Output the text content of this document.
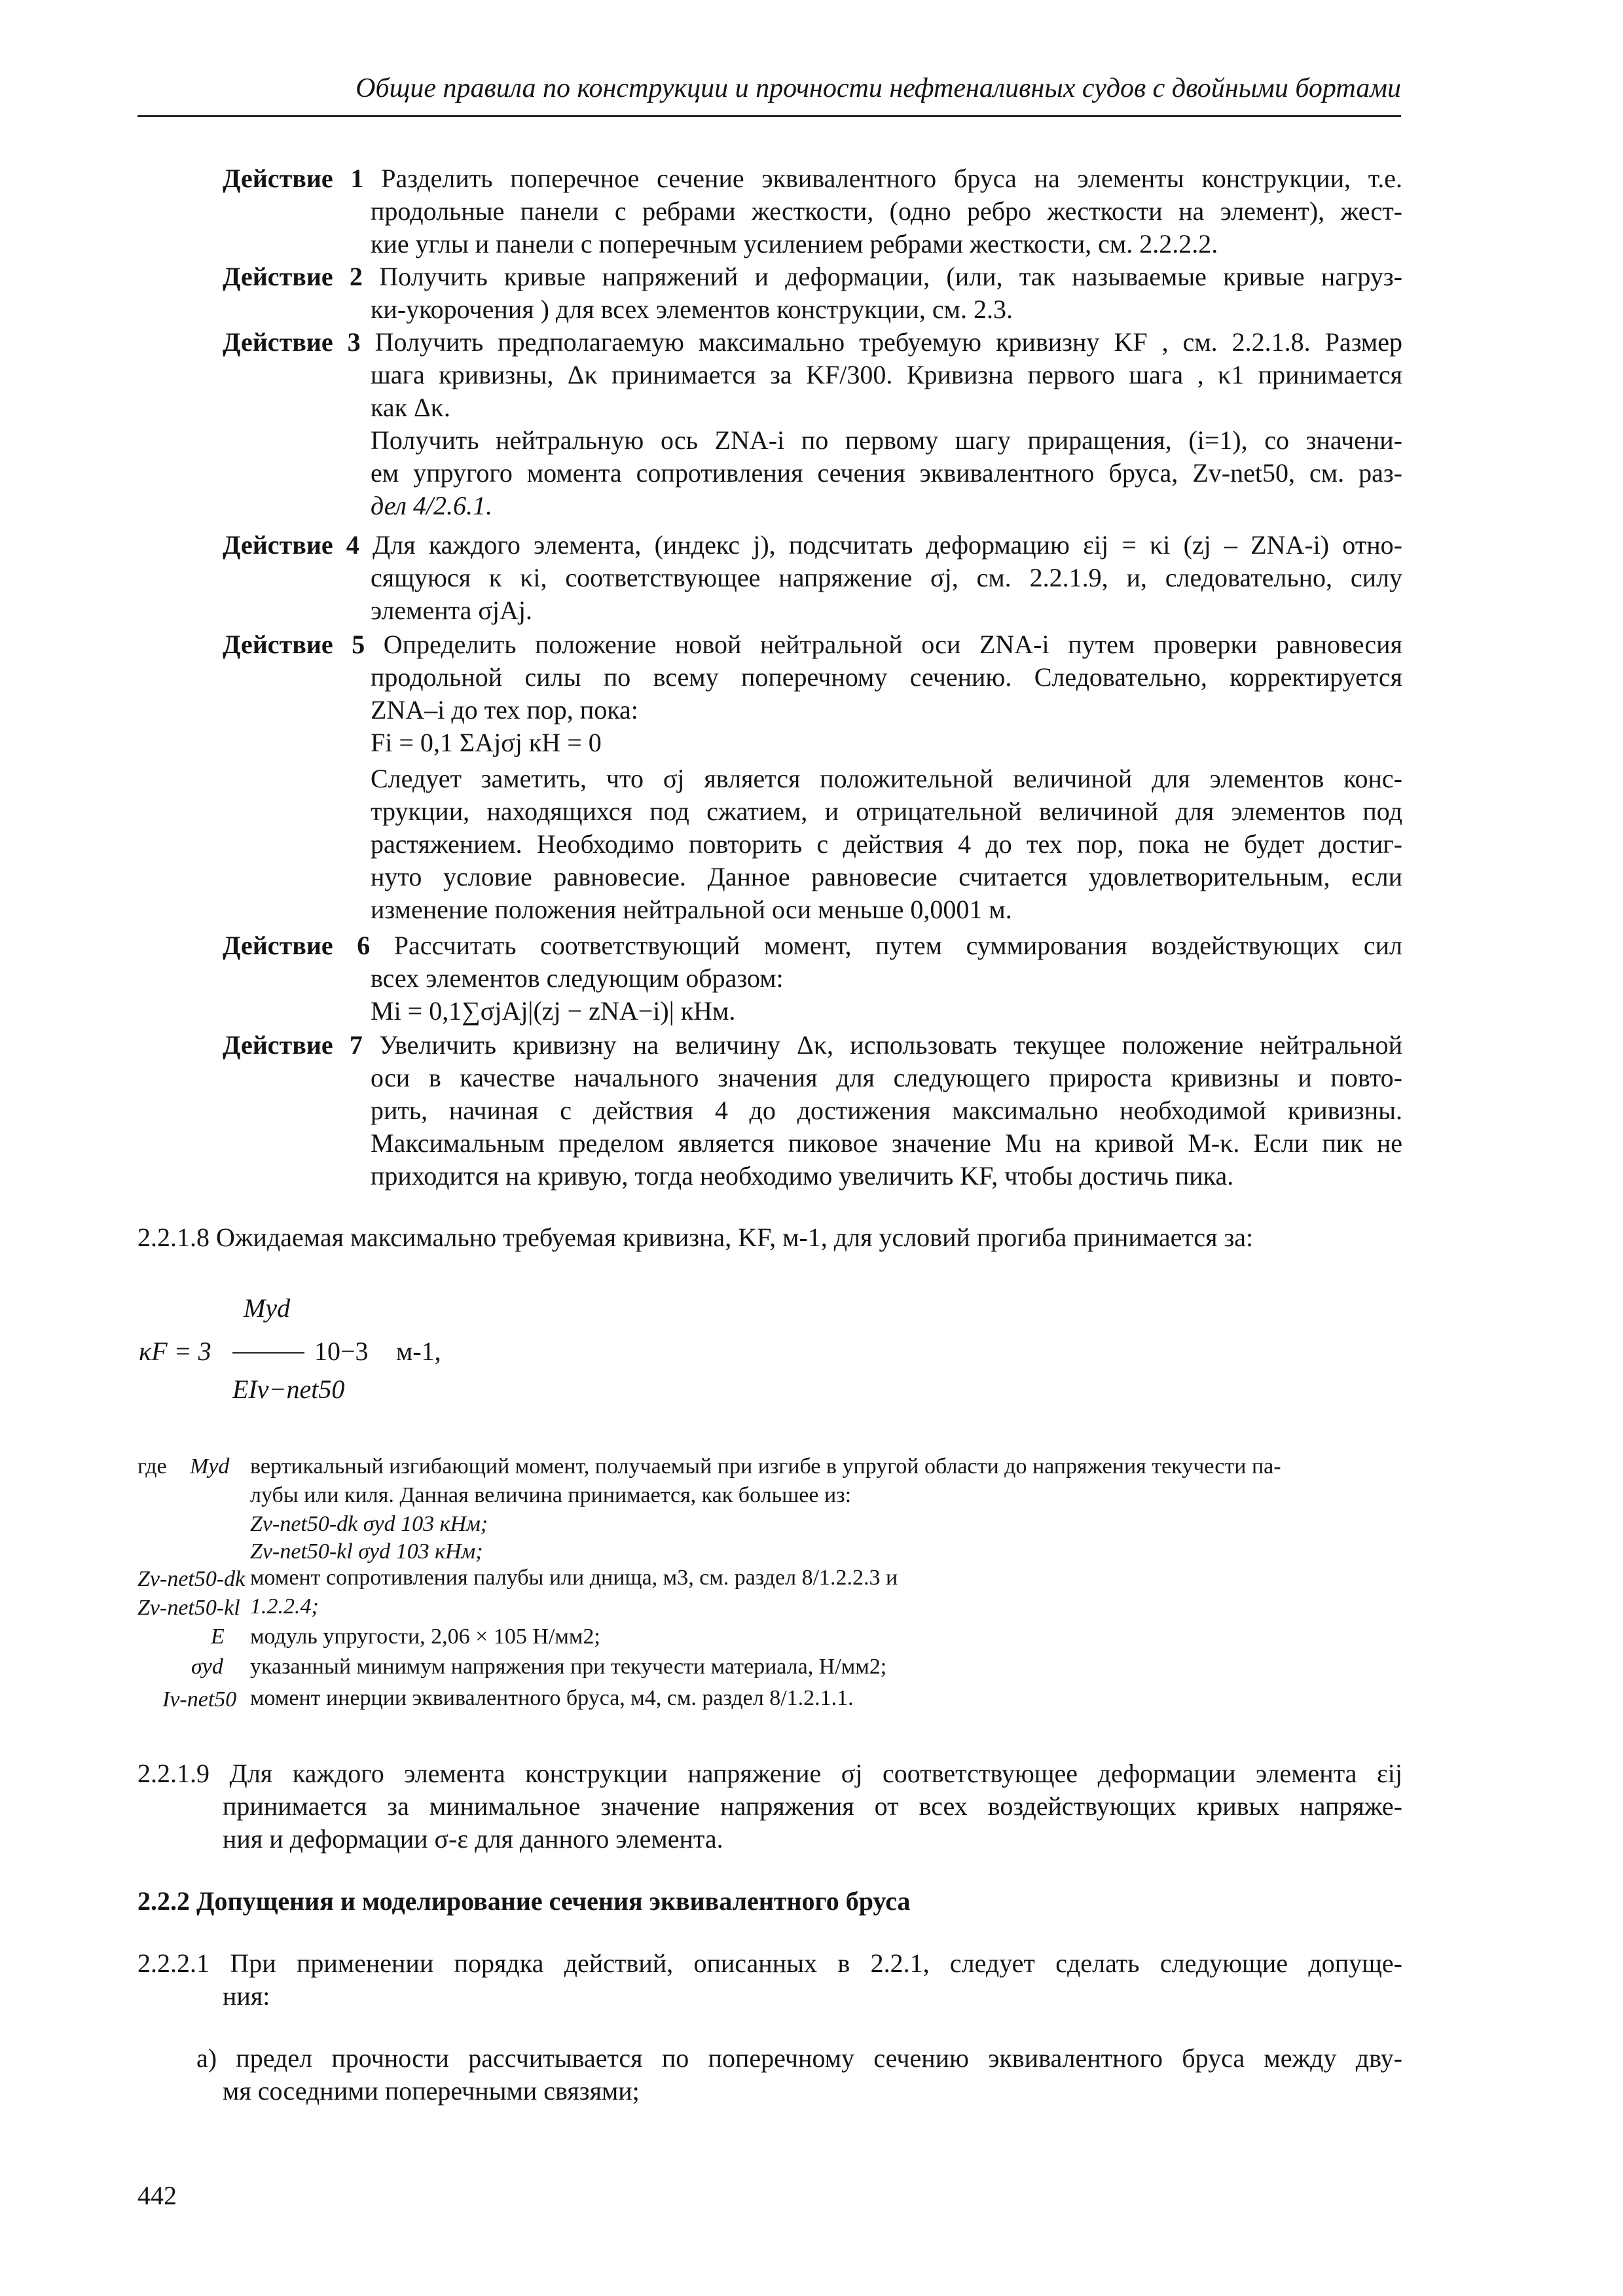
Общие правила по конструкции и прочности нефтеналивных судов с двойными бортами
Действие 1 Разделить поперечное сечение эквивалентного бруса на элементы конструкции, т.е.
продольные панели с ребрами жесткости, (одно ребро жесткости на элемент), жест-
кие углы и панели с поперечным усилением ребрами жесткости, см. 2.2.2.2.
Действие 2 Получить кривые напряжений и деформации, (или, так называемые кривые нагруз-
ки-укорочения ) для всех элементов конструкции, см. 2.3.
Действие 3 Получить предполагаемую максимально требуемую кривизну KF , см. 2.2.1.8. Размер
шага кривизны, Δκ принимается за KF/300. Кривизна первого шага , κ1 принимается
как Δκ.
Получить нейтральную ось ZNA-i по первому шагу приращения, (i=1), со значени-
ем упругого момента сопротивления сечения эквивалентного бруса, Zv-net50, см. раз-
дел 4/2.6.1.
Действие 4 Для каждого элемента, (индекс j), подсчитать деформацию εij = κi (zj – ZNA-i) отно-
сящуюся к κi, соответствующее напряжение σj, см. 2.2.1.9, и, следовательно, силу
элемента σjAj.
Действие 5 Определить положение новой нейтральной оси ZNA-i путем проверки равновесия
продольной силы по всему поперечному сечению. Следовательно, корректируется
ZNA–i до тех пор, пока:
Fi = 0,1 ΣAjσj кН = 0
Следует заметить, что σj является положительной величиной для элементов конс-
трукции, находящихся под сжатием, и отрицательной величиной для элементов под
растяжением. Необходимо повторить с действия 4 до тех пор, пока не будет достиг-
нуто условие равновесие. Данное равновесие считается удовлетворительным, если
изменение положения нейтральной оси меньше 0,0001 м.
Действие 6 Рассчитать соответствующий момент, путем суммирования воздействующих сил
всех элементов следующим образом:
Mi = 0,1∑σjAj|(zj − zNA−i)| кНм.
Действие 7 Увеличить кривизну на величину Δκ, использовать текущее положение нейтральной
оси в качестве начального значения для следующего прироста кривизны и повто-
рить, начиная с действия 4 до достижения максимально необходимой кривизны.
Максимальным пределом является пиковое значение Mu на кривой M-κ. Если пик не
приходится на кривую, тогда необходимо увеличить KF, чтобы достичь пика.
2.2.1.8 Ожидаемая максимально требуемая кривизна, KF, м-1, для условий прогиба принимается за:
Myd
κF = 3	10−3 м-1,
EIv−net50
где Myd вертикальный изгибающий момент, получаемый при изгибе в упругой области до напряжения текучести па-
лубы или киля. Данная величина принимается, как большее из:
Zv-net50-dk σyd 103 кНм;
Zv-net50-kl σyd 103 кНм;
Zv-net50-dk момент сопротивления палубы или днища, м3, см. раздел 8/1.2.2.3 и
Zv-net50-kl 1.2.2.4;
E модуль упругости, 2,06 × 105 Н/мм2;
σyd указанный минимум напряжения при текучести материала, Н/мм2;
Iv-net50 момент инерции эквивалентного бруса, м4, см. раздел 8/1.2.1.1.
2.2.1.9 Для каждого элемента конструкции напряжение σj соответствующее деформации элемента εij
принимается за минимальное значение напряжения от всех воздействующих кривых напряже-
ния и деформации σ-ε для данного элемента.
2.2.2 Допущения и моделирование сечения эквивалентного бруса
2.2.2.1 При применении порядка действий, описанных в 2.2.1, следует сделать следующие допуще-
ния:
a) предел прочности рассчитывается по поперечному сечению эквивалентного бруса между дву-
мя соседними поперечными связями;
442
